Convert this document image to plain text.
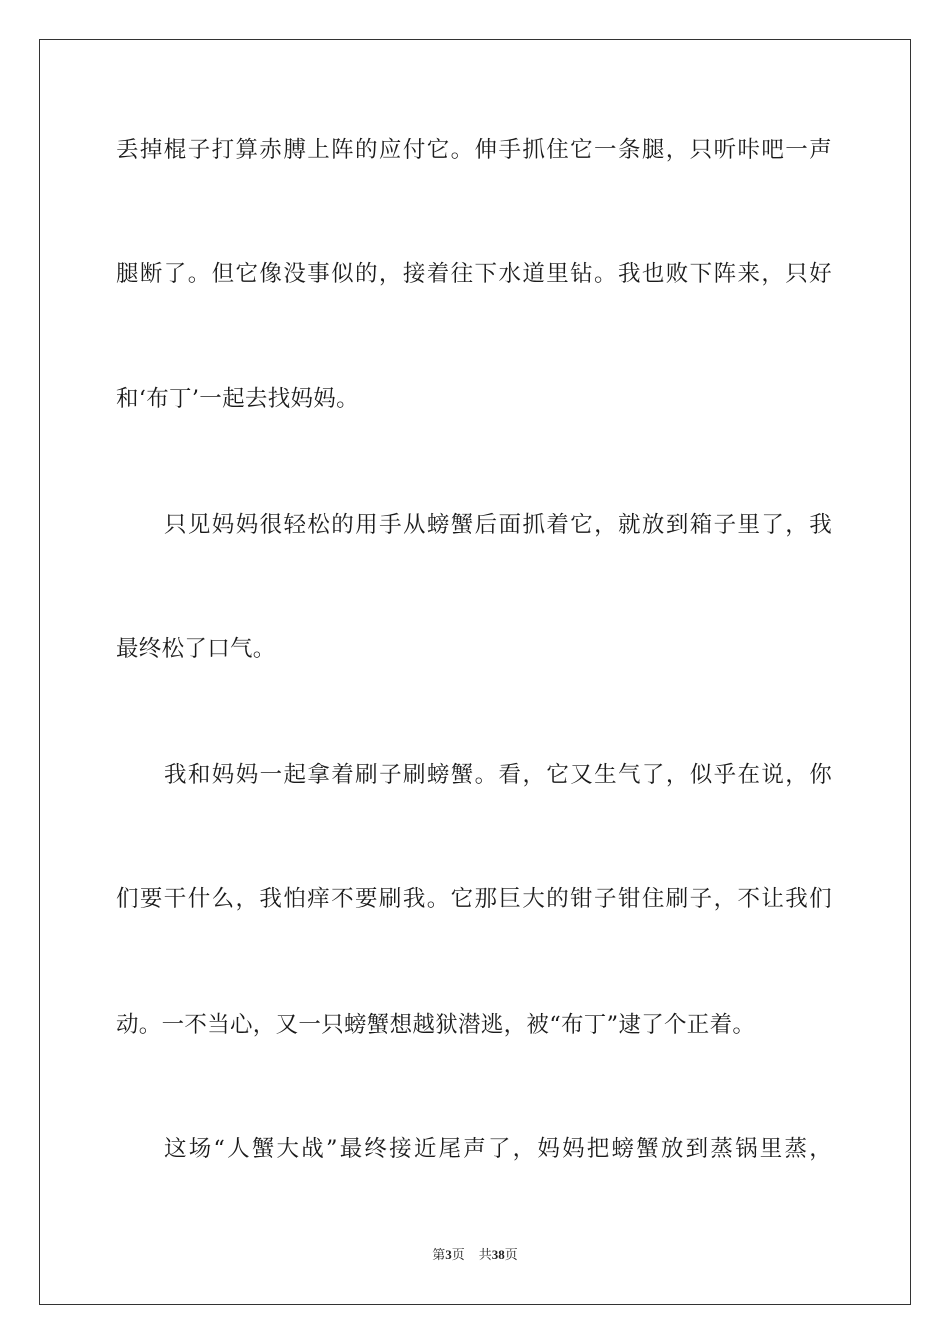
丢掉棍子打算赤膊上阵的应付它。伸手抓住它一条腿，只听咔吧一声
腿断了。但它像没事似的，接着往下水道里钻。我也败下阵来，只好
和‘布丁’一起去找妈妈。
只见妈妈很轻松的用手从螃蟹后面抓着它，就放到箱子里了，我
最终松了口气。
我和妈妈一起拿着刷子刷螃蟹。看，它又生气了，似乎在说，你
们要干什么，我怕痒不要刷我。它那巨大的钳子钳住刷子，不让我们
动。一不当心，又一只螃蟹想越狱潜逃，被“布丁”逮了个正着。
这场“人蟹大战”最终接近尾声了，妈妈把螃蟹放到蒸锅里蒸，
第3页 共38页
